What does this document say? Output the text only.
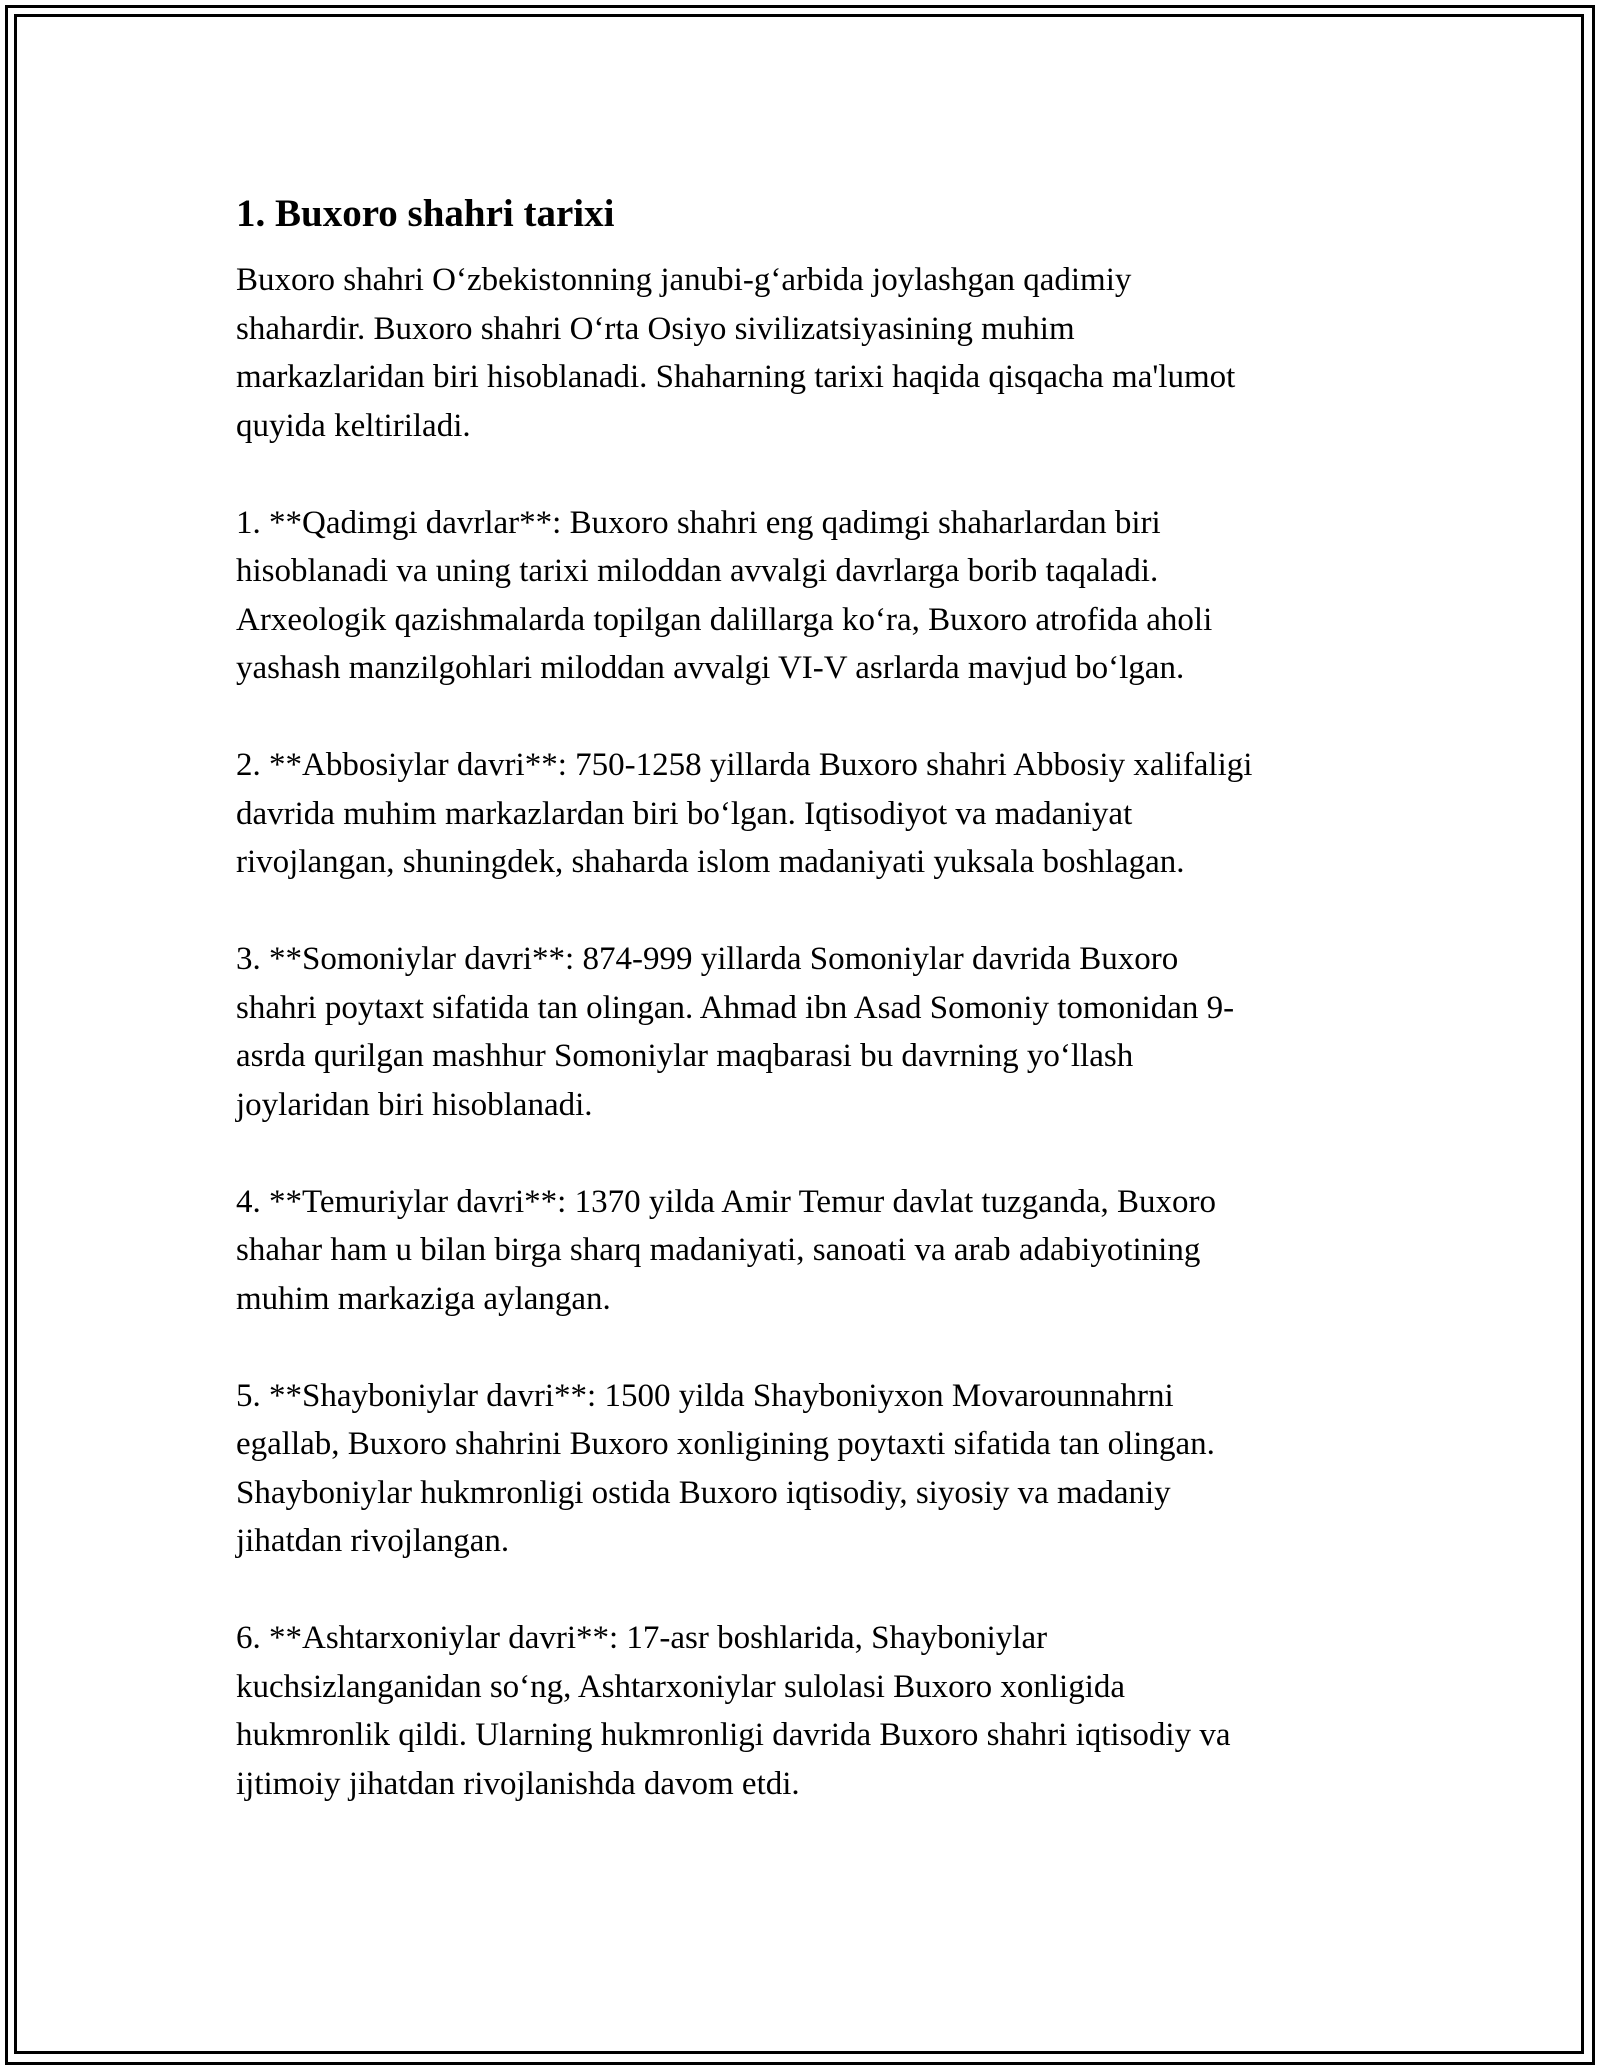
1. Buxoro shahri tarixi

Buxoro shahri O‘zbekistonning janubi-g‘arbida joylashgan qadimiy
shahardir. Buxoro shahri O‘rta Osiyo sivilizatsiyasining muhim
markazlaridan biri hisoblanadi. Shaharning tarixi haqida qisqacha ma'lumot
quyida keltiriladi.

1. **Qadimgi davrlar**: Buxoro shahri eng qadimgi shaharlardan biri
hisoblanadi va uning tarixi miloddan avvalgi davrlarga borib taqaladi.
Arxeologik qazishmalarda topilgan dalillarga ko‘ra, Buxoro atrofida aholi
yashash manzilgohlari miloddan avvalgi VI-V asrlarda mavjud bo‘lgan.

2. **Abbosiylar davri**: 750-1258 yillarda Buxoro shahri Abbosiy xalifaligi
davrida muhim markazlardan biri bo‘lgan. Iqtisodiyot va madaniyat
rivojlangan, shuningdek, shaharda islom madaniyati yuksala boshlagan.

3. **Somoniylar davri**: 874-999 yillarda Somoniylar davrida Buxoro
shahri poytaxt sifatida tan olingan. Ahmad ibn Asad Somoniy tomonidan 9-
asrda qurilgan mashhur Somoniylar maqbarasi bu davrning yo‘llash
joylaridan biri hisoblanadi.

4. **Temuriylar davri**: 1370 yilda Amir Temur davlat tuzganda, Buxoro
shahar ham u bilan birga sharq madaniyati, sanoati va arab adabiyotining
muhim markaziga aylangan.

5. **Shayboniylar davri**: 1500 yilda Shayboniyxon Movarounnahrni
egallab, Buxoro shahrini Buxoro xonligining poytaxti sifatida tan olingan.
Shayboniylar hukmronligi ostida Buxoro iqtisodiy, siyosiy va madaniy
jihatdan rivojlangan.

6. **Ashtarxoniylar davri**: 17-asr boshlarida, Shayboniylar
kuchsizlanganidan so‘ng, Ashtarxoniylar sulolasi Buxoro xonligida
hukmronlik qildi. Ularning hukmronligi davrida Buxoro shahri iqtisodiy va
ijtimoiy jihatdan rivojlanishda davom etdi.
